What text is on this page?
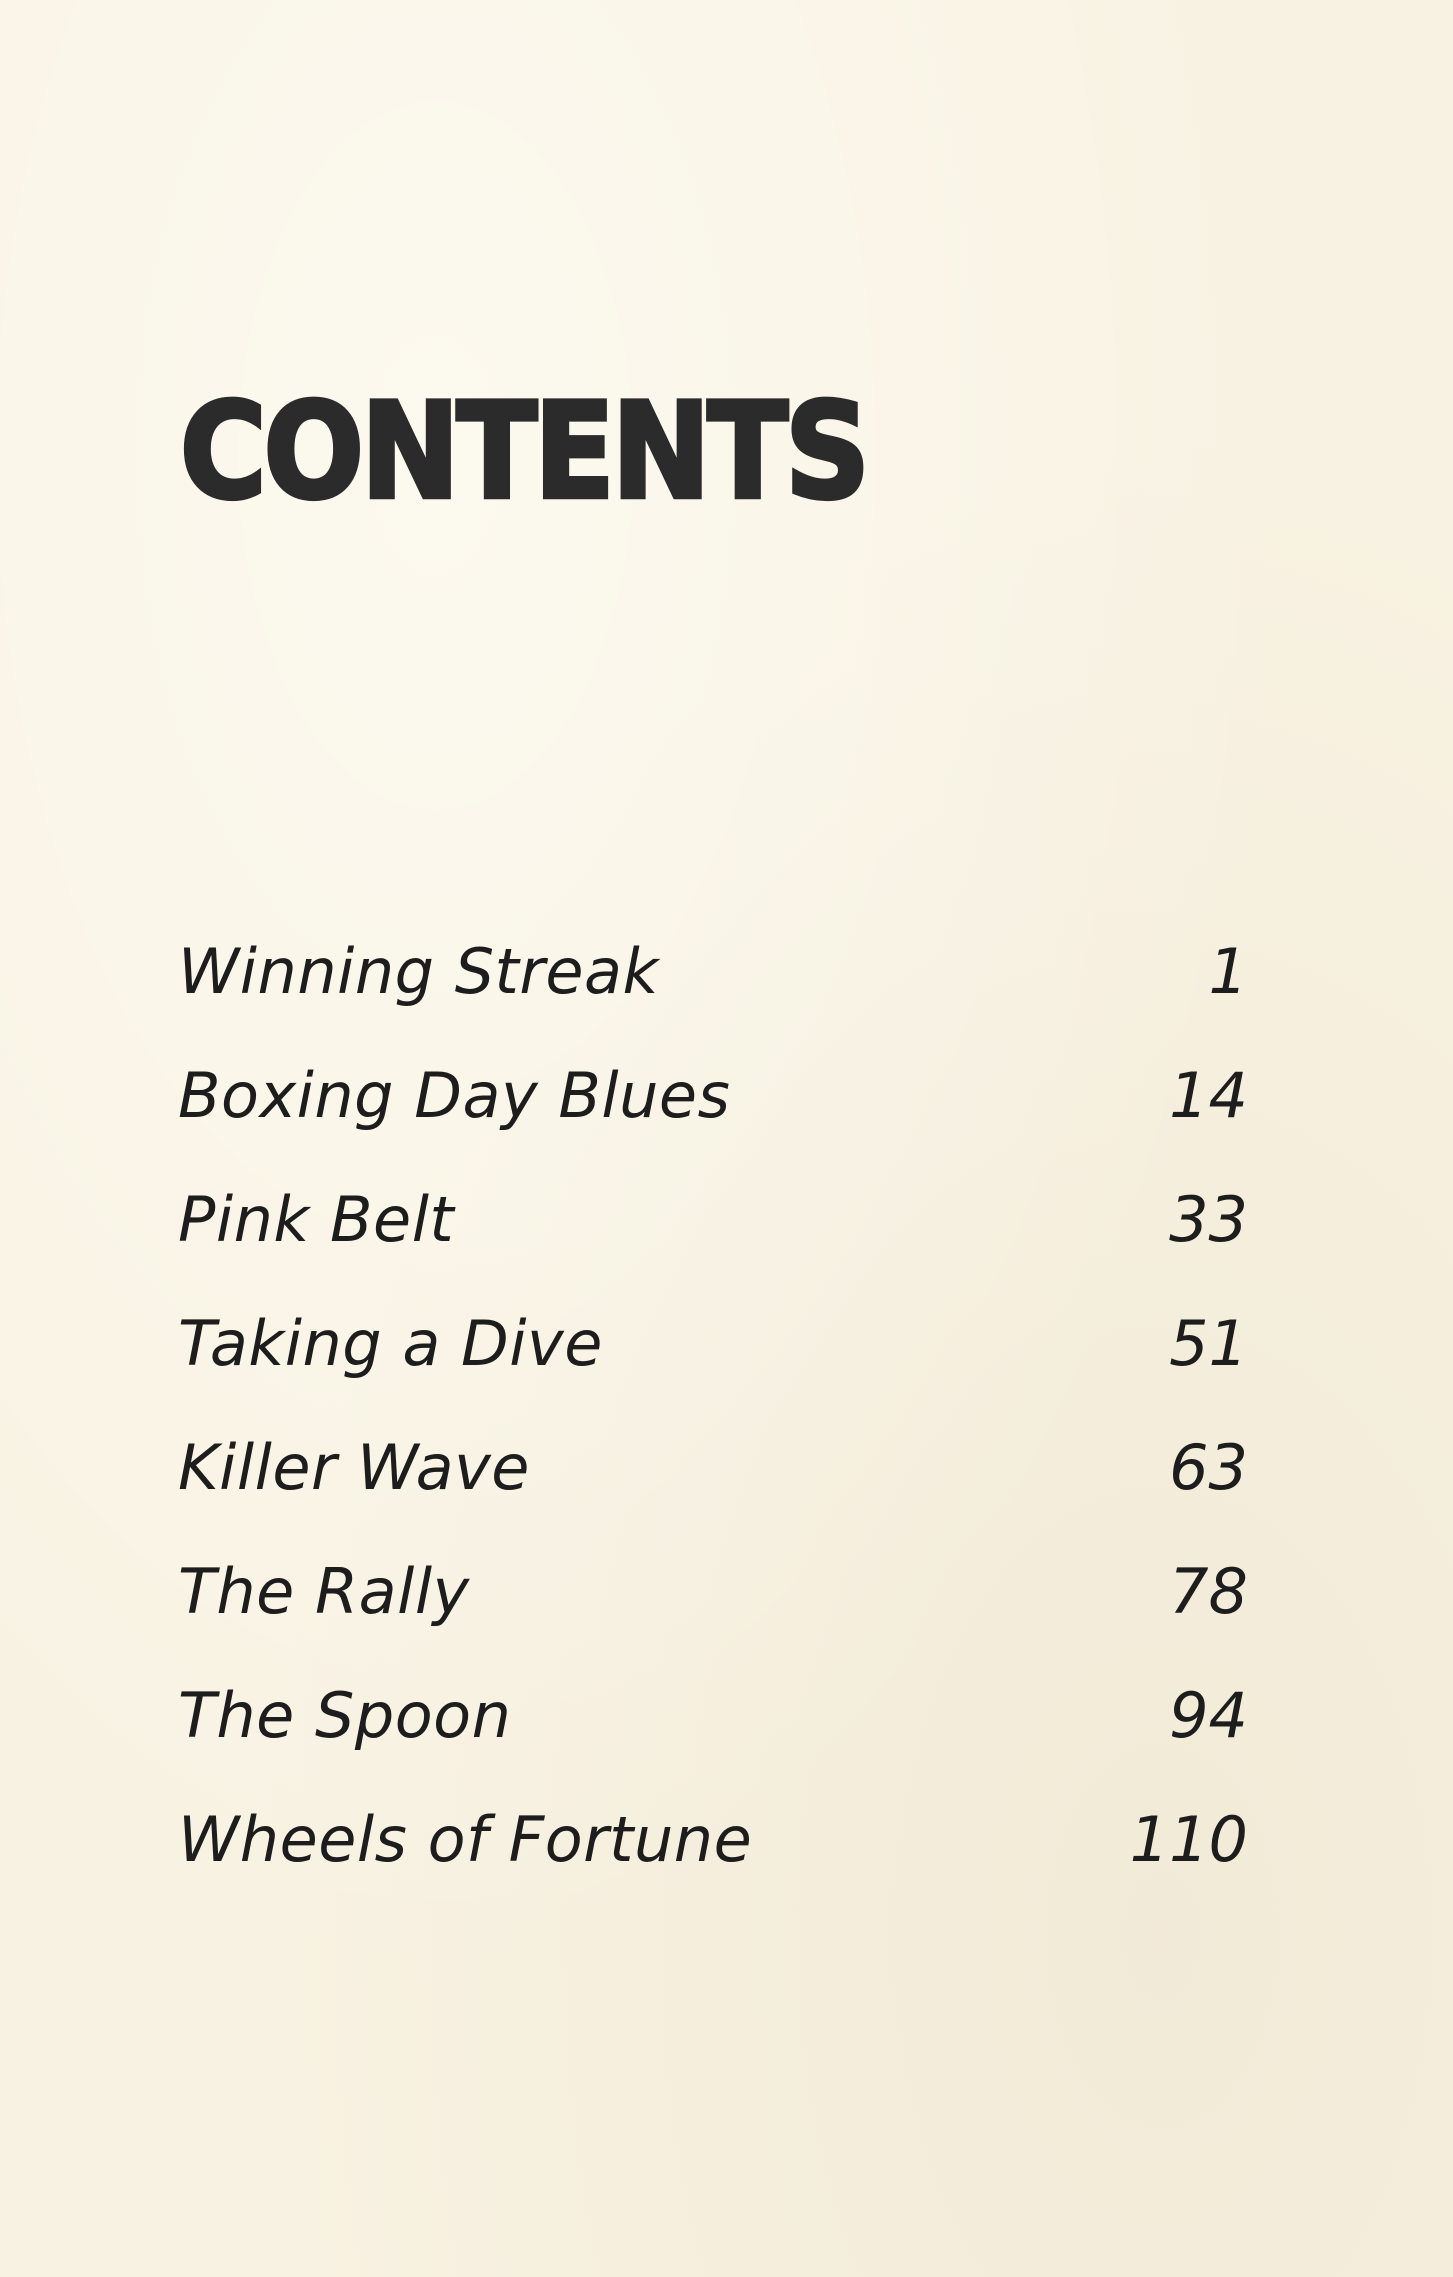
CONTENTS
Winning Streak	1
Boxing Day Blues	14
Pink Belt	33
Taking a Dive	51
Killer Wave	63
The Rally	78
The Spoon	94
Wheels of Fortune	110
